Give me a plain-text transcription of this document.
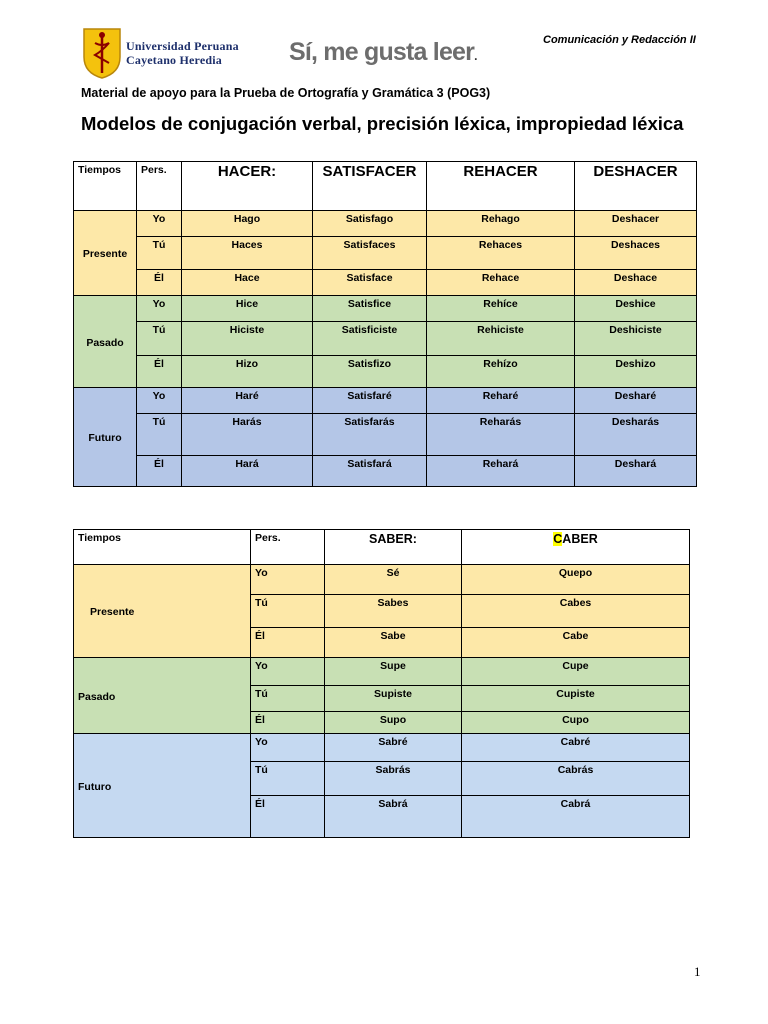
Universidad Peruana
Cayetano Heredia	Sí, me gusta leer.
Comunicación y Redacción II
Material de apoyo para la Prueba de Ortografía y Gramática 3 (POG3)
Modelos de conjugación verbal, precisión léxica, impropiedad léxica
Tiempos	Pers.	HACER:	SATISFACER	REHACER	DESHACER
Presente	Yo	Hago	Satisfago	Rehago	Deshacer
	Tú	Haces	Satisfaces	Rehaces	Deshaces
	Él	Hace	Satisface	Rehace	Deshace
Pasado	Yo	Hice	Satisfice	Rehíce	Deshice
	Tú	Hiciste	Satisficiste	Rehiciste	Deshiciste
	Él	Hizo	Satisfizo	Rehízo	Deshizo
Futuro	Yo	Haré	Satisfaré	Reharé	Desharé
	Tú	Harás	Satisfarás	Reharás	Desharás
	Él	Hará	Satisfará	Rehará	Deshará
Tiempos	Pers.	SABER:	CABER
Presente	Yo	Sé	Quepo
	Tú	Sabes	Cabes
	Él	Sabe	Cabe
Pasado	Yo	Supe	Cupe
	Tú	Supiste	Cupiste
	Él	Supo	Cupo
Futuro	Yo	Sabré	Cabré
	Tú	Sabrás	Cabrás
	Él	Sabrá	Cabrá
1
